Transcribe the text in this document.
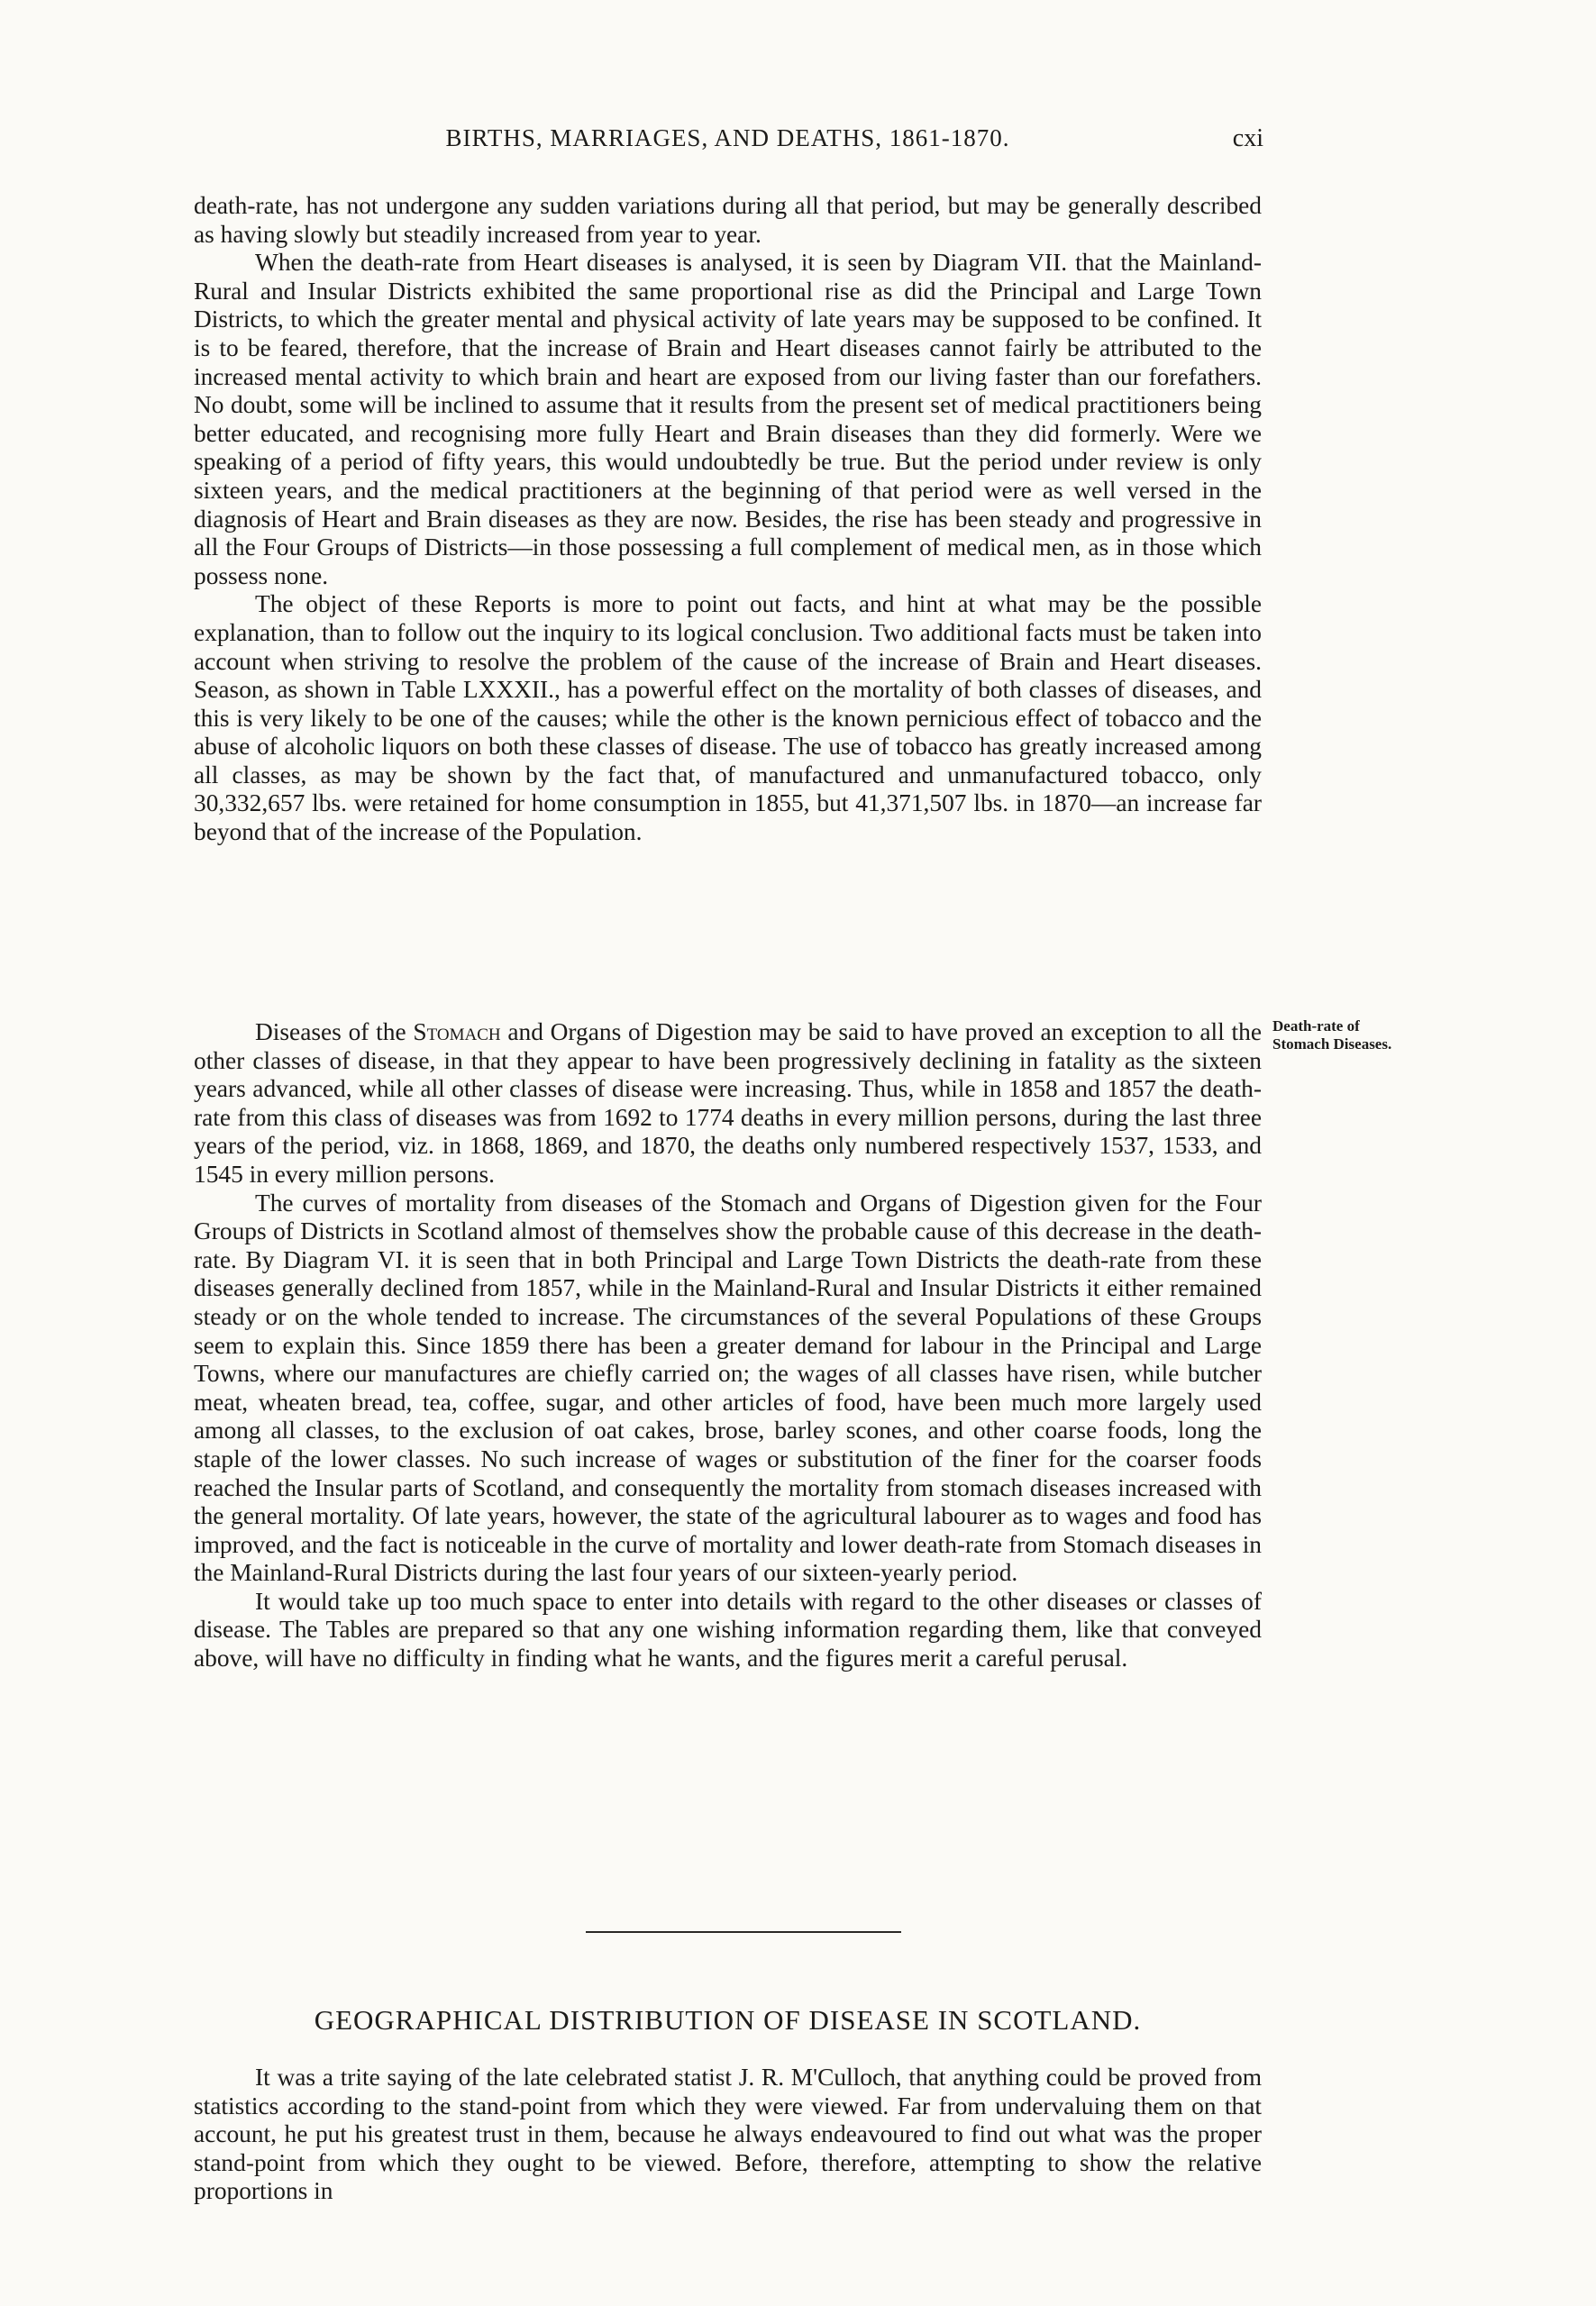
BIRTHS, MARRIAGES, AND DEATHS, 1861-1870.	cxi

death-rate, has not undergone any sudden variations during all that period, but may be generally described as having slowly but steadily increased from year to year.

When the death-rate from Heart diseases is analysed, it is seen by Diagram VII. that the Mainland-Rural and Insular Districts exhibited the same proportional rise as did the Principal and Large Town Districts, to which the greater mental and physical activity of late years may be supposed to be confined. It is to be feared, therefore, that the increase of Brain and Heart diseases cannot fairly be attributed to the increased mental activity to which brain and heart are exposed from our living faster than our forefathers. No doubt, some will be inclined to assume that it results from the present set of medical practitioners being better educated, and recognising more fully Heart and Brain diseases than they did formerly. Were we speaking of a period of fifty years, this would undoubtedly be true. But the period under review is only sixteen years, and the medical practitioners at the beginning of that period were as well versed in the diagnosis of Heart and Brain diseases as they are now. Besides, the rise has been steady and progressive in all the Four Groups of Districts—in those possessing a full complement of medical men, as in those which possess none.

The object of these Reports is more to point out facts, and hint at what may be the possible explanation, than to follow out the inquiry to its logical conclusion. Two additional facts must be taken into account when striving to resolve the problem of the cause of the increase of Brain and Heart diseases. Season, as shown in Table LXXXII., has a powerful effect on the mortality of both classes of diseases, and this is very likely to be one of the causes; while the other is the known pernicious effect of tobacco and the abuse of alcoholic liquors on both these classes of disease. The use of tobacco has greatly increased among all classes, as may be shown by the fact that, of manufactured and unmanufactured tobacco, only 30,332,657 lbs. were retained for home consumption in 1855, but 41,371,507 lbs. in 1870—an increase far beyond that of the increase of the Population.

Diseases of the Stomach and Organs of Digestion may be said to have proved an exception to all the other classes of disease, in that they appear to have been progressively declining in fatality as the sixteen years advanced, while all other classes of disease were increasing. Thus, while in 1858 and 1857 the death-rate from this class of diseases was from 1692 to 1774 deaths in every million persons, during the last three years of the period, viz. in 1868, 1869, and 1870, the deaths only numbered respectively 1537, 1533, and 1545 in every million persons.

The curves of mortality from diseases of the Stomach and Organs of Digestion given for the Four Groups of Districts in Scotland almost of themselves show the probable cause of this decrease in the death-rate. By Diagram VI. it is seen that in both Principal and Large Town Districts the death-rate from these diseases generally declined from 1857, while in the Mainland-Rural and Insular Districts it either remained steady or on the whole tended to increase. The circumstances of the several Populations of these Groups seem to explain this. Since 1859 there has been a greater demand for labour in the Principal and Large Towns, where our manufactures are chiefly carried on; the wages of all classes have risen, while butcher meat, wheaten bread, tea, coffee, sugar, and other articles of food, have been much more largely used among all classes, to the exclusion of oat cakes, brose, barley scones, and other coarse foods, long the staple of the lower classes. No such increase of wages or substitution of the finer for the coarser foods reached the Insular parts of Scotland, and consequently the mortality from stomach diseases increased with the general mortality. Of late years, however, the state of the agricultural labourer as to wages and food has improved, and the fact is noticeable in the curve of mortality and lower death-rate from Stomach diseases in the Mainland-Rural Districts during the last four years of our sixteen-yearly period.

It would take up too much space to enter into details with regard to the other diseases or classes of disease. The Tables are prepared so that any one wishing information regarding them, like that conveyed above, will have no difficulty in finding what he wants, and the figures merit a careful perusal.

Death-rate of
Stomach Diseases.
GEOGRAPHICAL DISTRIBUTION OF DISEASE IN SCOTLAND.

It was a trite saying of the late celebrated statist J. R. M'Culloch, that anything could be proved from statistics according to the stand-point from which they were viewed. Far from undervaluing them on that account, he put his greatest trust in them, because he always endeavoured to find out what was the proper stand-point from which they ought to be viewed. Before, therefore, attempting to show the relative proportions in
